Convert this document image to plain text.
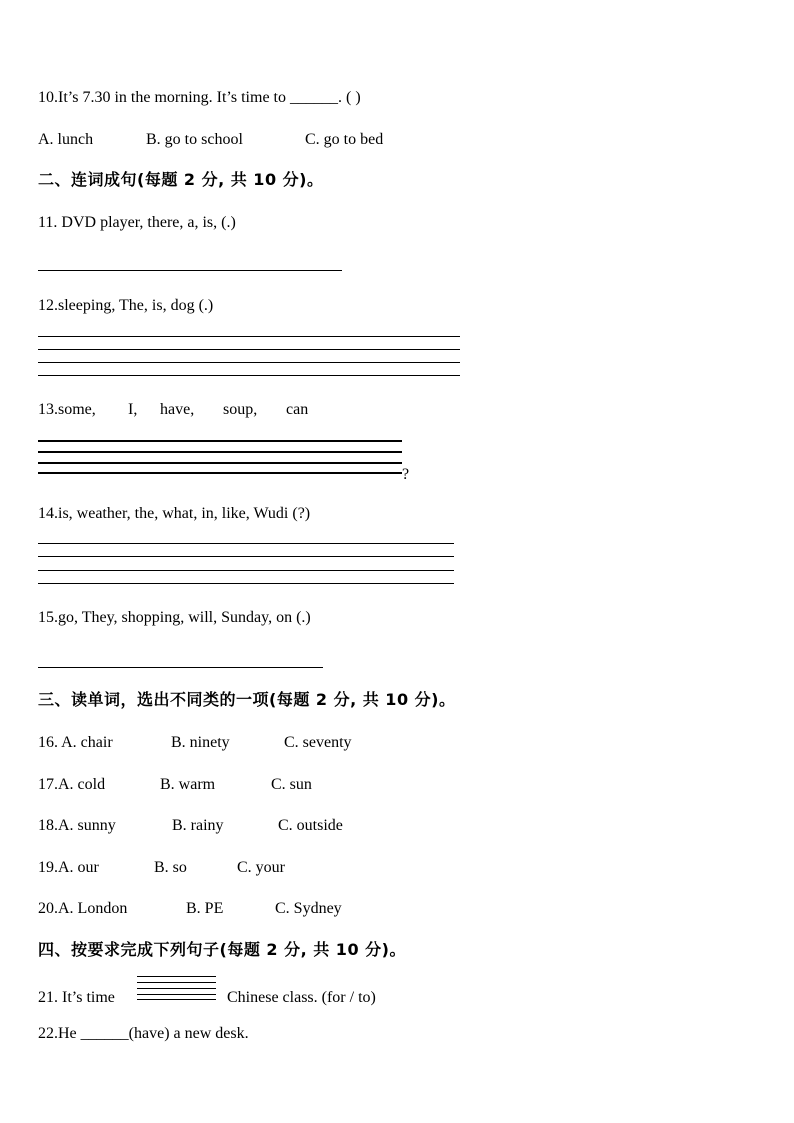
10.It’s 7.30 in the morning. It’s time to ______. ( )
A. lunch	B. go to school	C. go to bed
二、连词成句(每题 2 分, 共 10 分)。
11. DVD player, there, a, is, (.)
12.sleeping, The, is, dog (.)
13.some, I, have, soup, can
?
14.is, weather, the, what, in, like, Wudi (?)
15.go, They, shopping, will, Sunday, on (.)
三、读单词，选出不同类的一项(每题 2 分, 共 10 分)。
16. A. chair	B. ninety	C. seventy
17.A. cold	B. warm	C. sun
18.A. sunny	B. rainy	C. outside
19.A. our	B. so	C. your
20.A. London	B. PE	C. Sydney
四、按要求完成下列句子(每题 2 分, 共 10 分)。
21. It’s time	Chinese class. (for / to)
22.He ______(have) a new desk.
